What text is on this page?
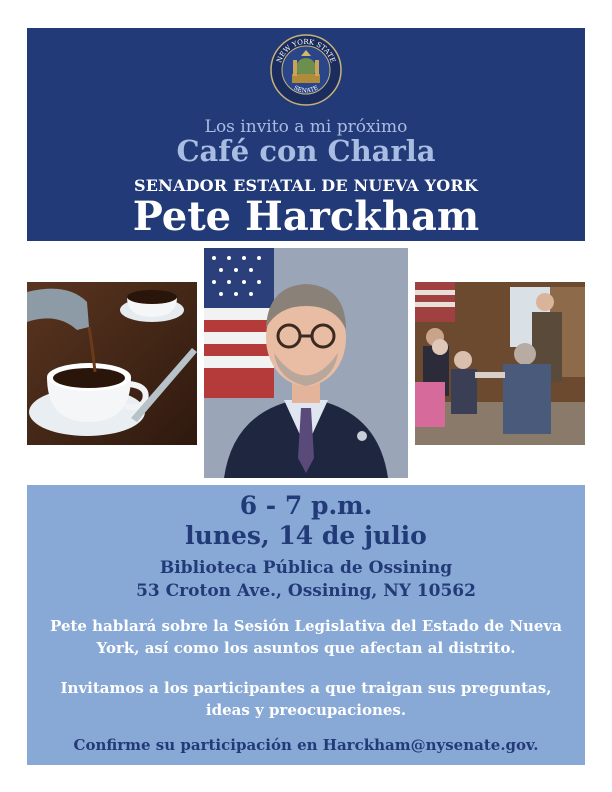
NEW YORK STATE
SENATE
Los invito a mi próximo
Café con Charla
SENADOR ESTATAL DE NUEVA YORK
Pete Harckham
6 - 7 p.m.
lunes, 14 de julio
Biblioteca Pública de Ossining
53 Croton Ave., Ossining, NY 10562
Pete hablará sobre la Sesión Legislativa del Estado de Nueva York, así como los asuntos que afectan al distrito.
Invitamos a los participantes a que traigan sus preguntas, ideas y preocupaciones.
Confirme su participación en Harckham@nysenate.gov.
